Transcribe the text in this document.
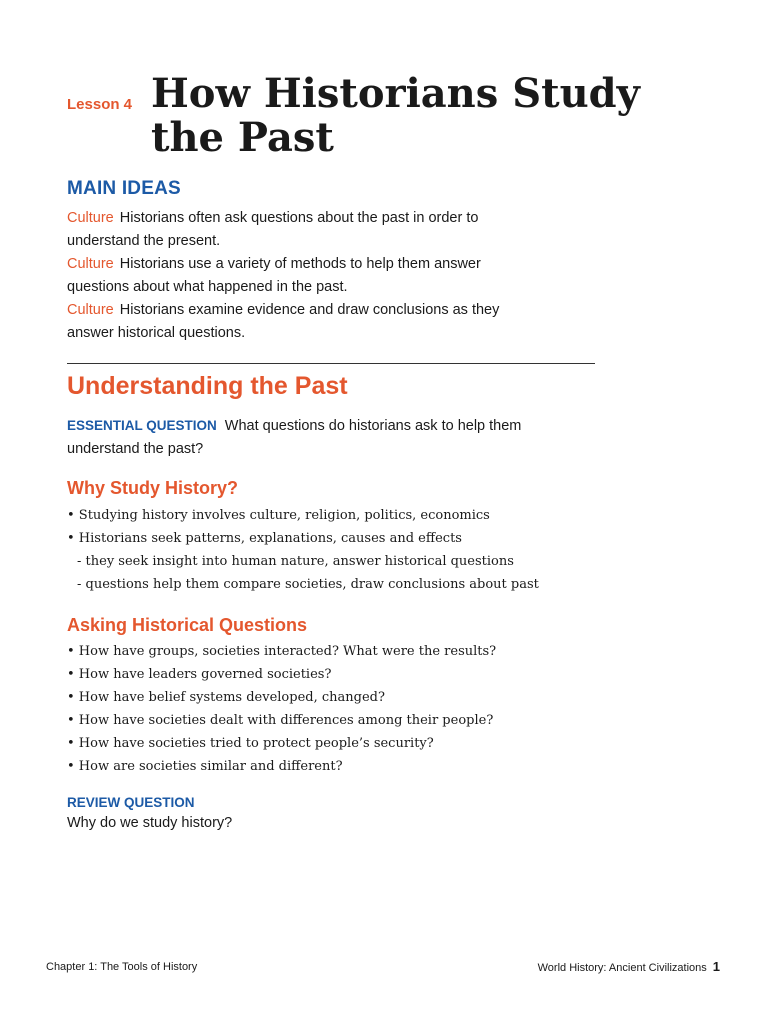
Lesson 4 How Historians Study the Past
MAIN IDEAS
Culture Historians often ask questions about the past in order to understand the present.
Culture Historians use a variety of methods to help them answer questions about what happened in the past.
Culture Historians examine evidence and draw conclusions as they answer historical questions.
Understanding the Past

ESSENTIAL QUESTION What questions do historians ask to help them understand the past?

Why Study History?
• Studying history involves culture, religion, politics, economics
• Historians seek patterns, explanations, causes and effects
- they seek insight into human nature, answer historical questions
- questions help them compare societies, draw conclusions about past
Asking Historical Questions
• How have groups, societies interacted? What were the results?
• How have leaders governed societies?
• How have belief systems developed, changed?
• How have societies dealt with differences among their people?
• How have societies tried to protect people’s security?
• How are societies similar and different?
REVIEW QUESTION
Why do we study history?
Chapter 1: The Tools of History	World History: Ancient Civilizations 1
